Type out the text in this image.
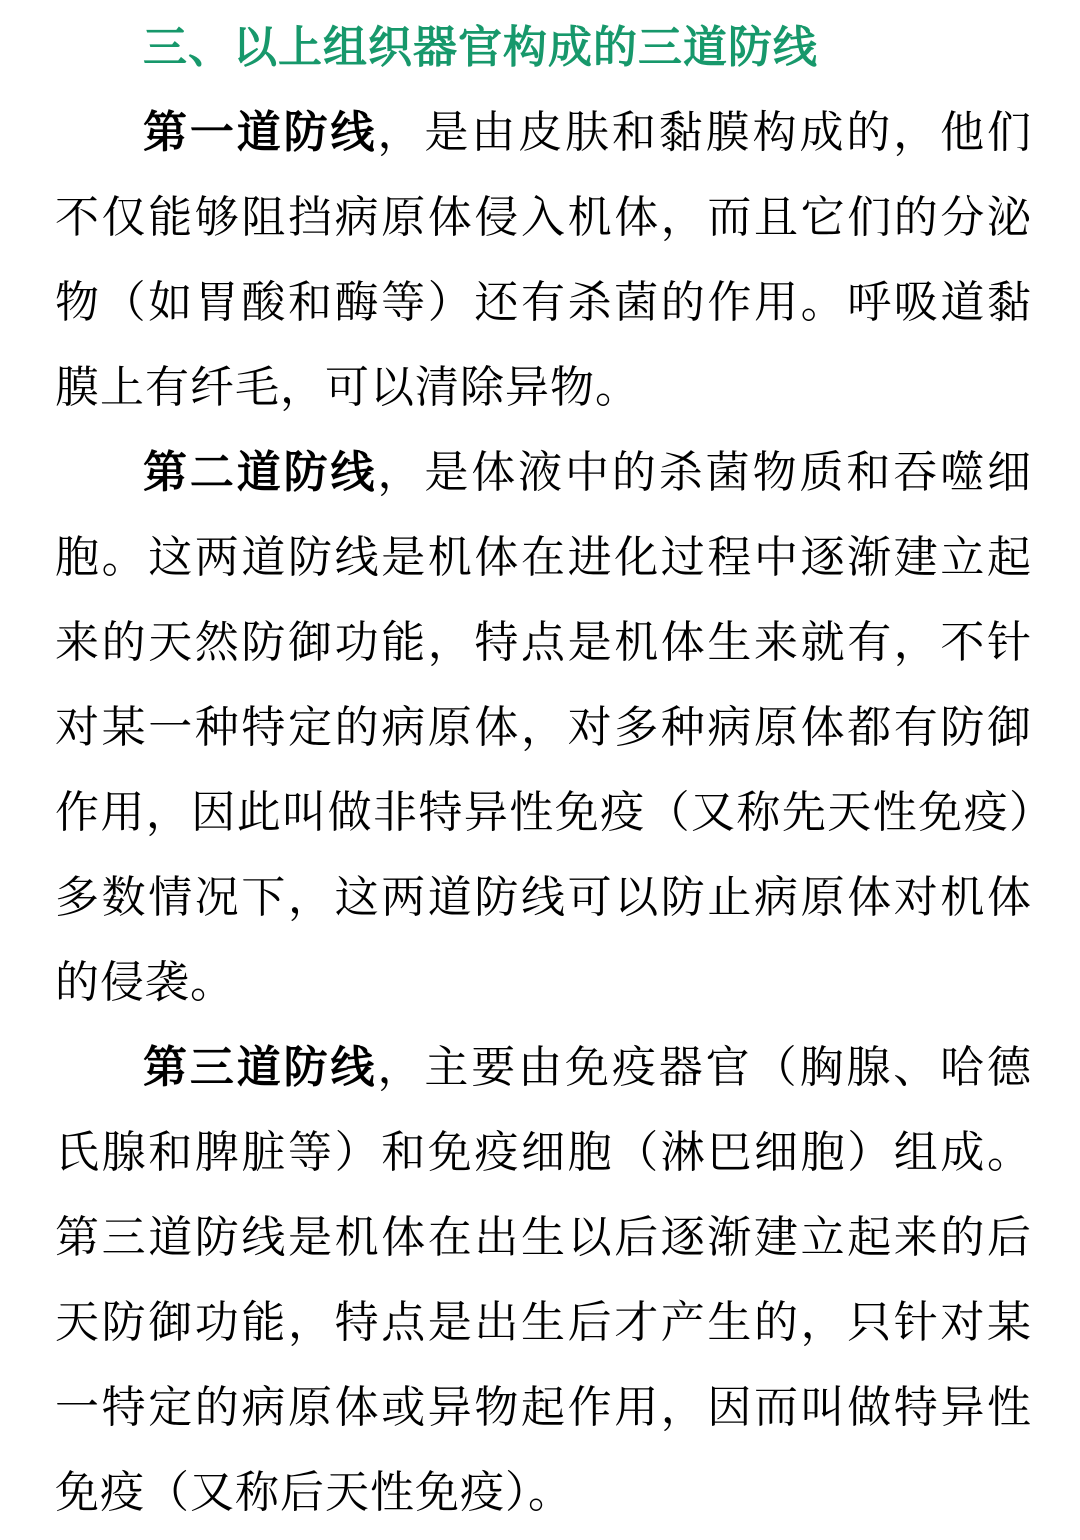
三、以上组织器官构成的三道防线

第一道防线，是由皮肤和黏膜构成的，他们不仅能够阻挡病原体侵入机体，而且它们的分泌物（如胃酸和酶等）还有杀菌的作用。呼吸道黏膜上有纤毛，可以清除异物。

第二道防线，是体液中的杀菌物质和吞噬细胞。这两道防线是机体在进化过程中逐渐建立起来的天然防御功能，特点是机体生来就有，不针对某一种特定的病原体，对多种病原体都有防御作用，因此叫做非特异性免疫（又称先天性免疫）多数情况下，这两道防线可以防止病原体对机体的侵袭。

第三道防线，主要由免疫器官（胸腺、哈德氏腺和脾脏等）和免疫细胞（淋巴细胞）组成。第三道防线是机体在出生以后逐渐建立起来的后天防御功能，特点是出生后才产生的，只针对某一特定的病原体或异物起作用，因而叫做特异性免疫（又称后天性免疫）。
